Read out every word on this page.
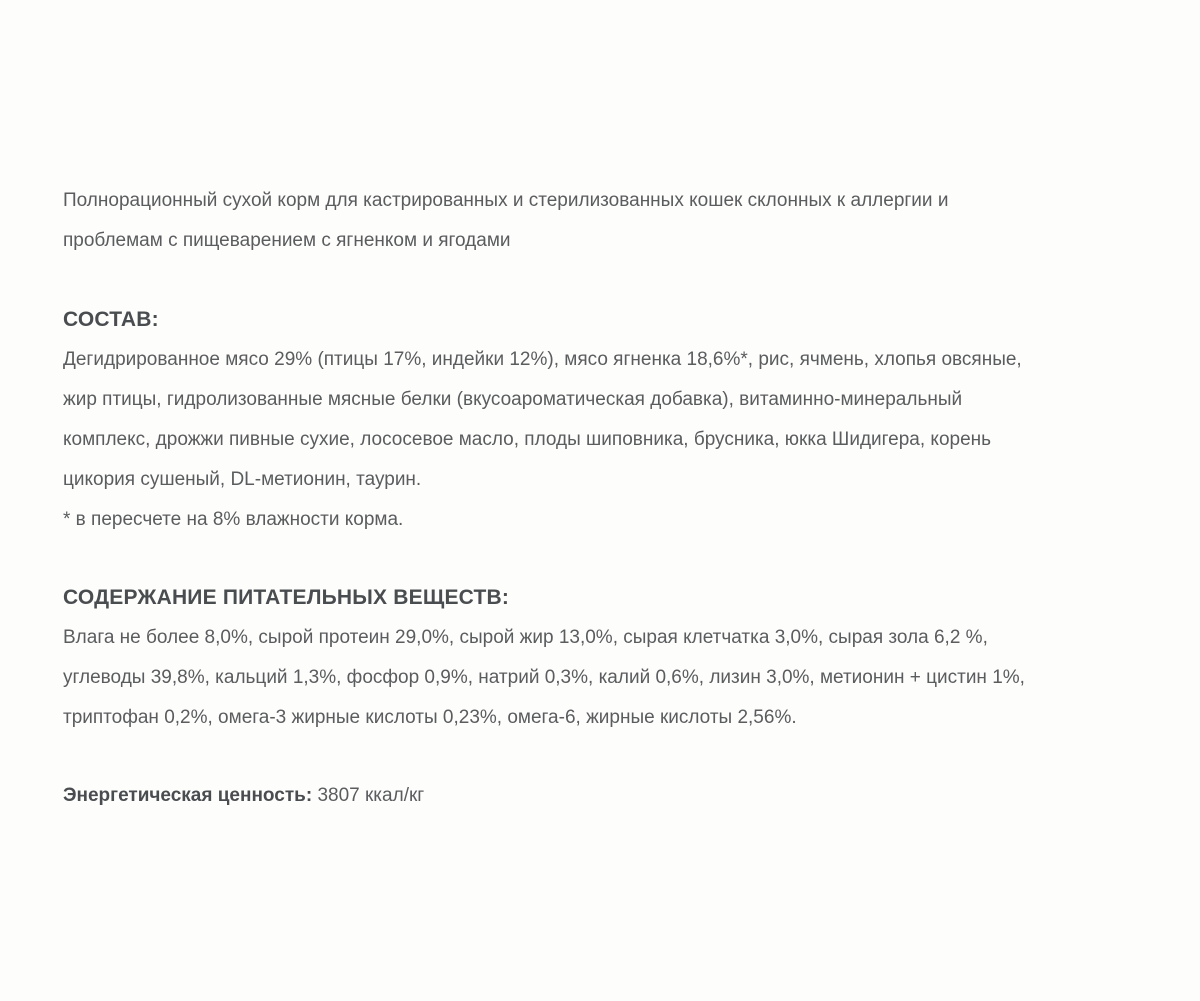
Полнорационный сухой корм для кастрированных и стерилизованных кошек склонных к аллергии и проблемам с пищеварением с ягненком и ягодами

СОСТАВ:

Дегидрированное мясо 29% (птицы 17%, индейки 12%), мясо ягненка 18,6%*, рис, ячмень, хлопья овсяные, жир птицы, гидролизованные мясные белки (вкусоароматическая добавка), витаминно-минеральный комплекс, дрожжи пивные сухие, лососевое масло, плоды шиповника, брусника, юкка Шидигера, корень цикория сушеный, DL-метионин, таурин.

* в пересчете на 8% влажности корма.

СОДЕРЖАНИЕ ПИТАТЕЛЬНЫХ ВЕЩЕСТВ:

Влага не более 8,0%, сырой протеин 29,0%, сырой жир 13,0%, сырая клетчатка 3,0%, сырая зола 6,2 %, углеводы 39,8%, кальций 1,3%, фосфор 0,9%, натрий 0,3%, калий 0,6%, лизин 3,0%, метионин + цистин 1%, триптофан 0,2%, омега-3 жирные кислоты 0,23%, омега-6, жирные кислоты 2,56%.

Энергетическая ценность: 3807 ккал/кг
